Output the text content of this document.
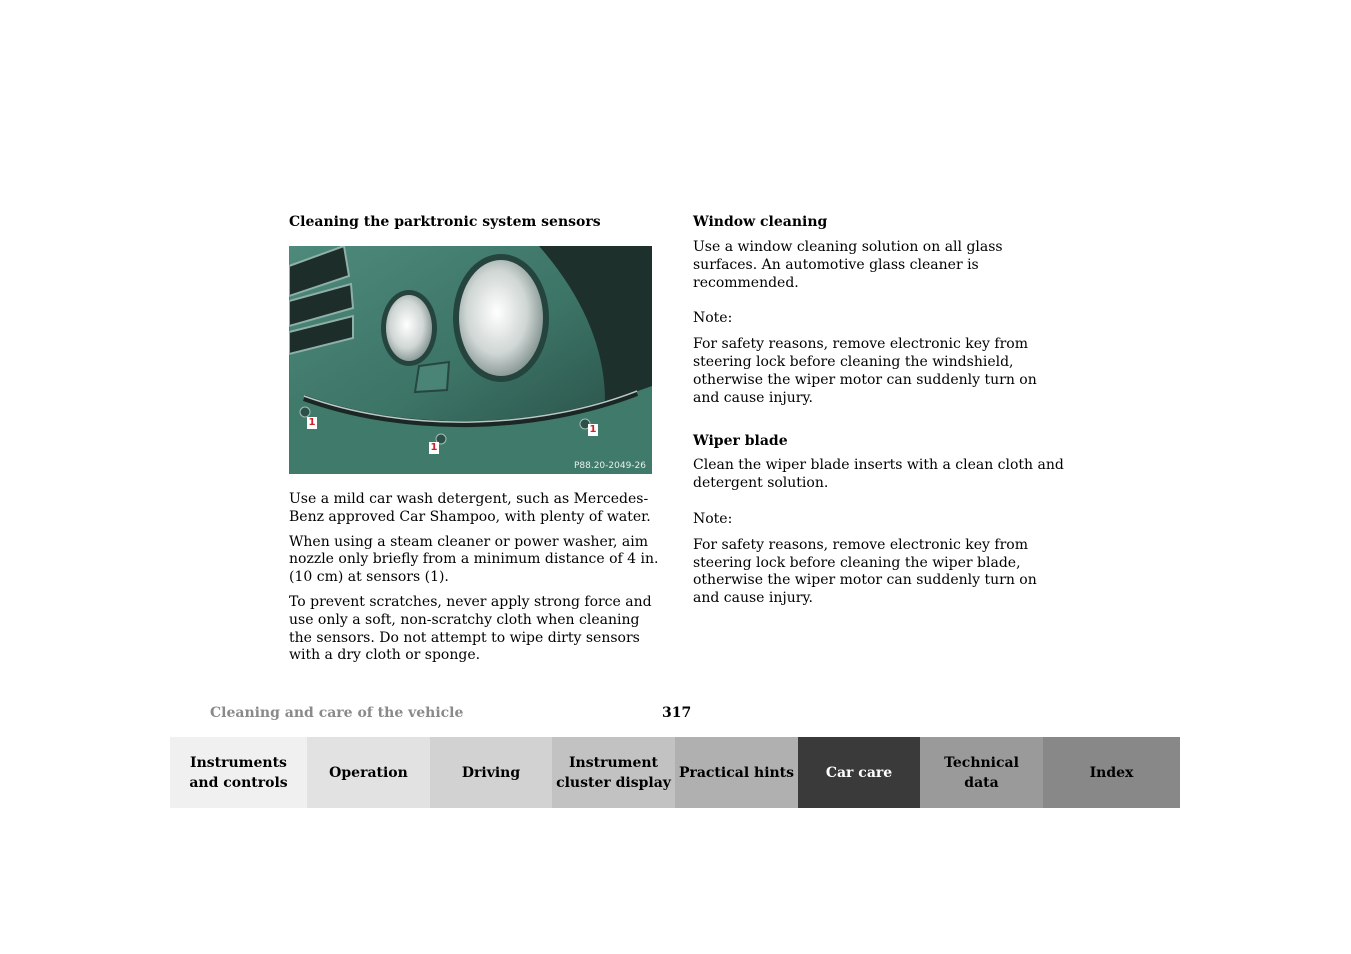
Cleaning the parktronic system sensors
1
1
1
P88.20-2049-26

Use a mild car wash detergent, such as Mercedes-Benz approved Car Shampoo, with plenty of water.

When using a steam cleaner or power washer, aim nozzle only briefly from a minimum distance of 4 in. (10 cm) at sensors (1).

To prevent scratches, never apply strong force and use only a soft, non-scratchy cloth when cleaning the sensors. Do not attempt to wipe dirty sensors with a dry cloth or sponge.

Window cleaning

Use a window cleaning solution on all glass surfaces. An automotive glass cleaner is recommended.

Note:

For safety reasons, remove electronic key from steering lock before cleaning the windshield, otherwise the wiper motor can suddenly turn on and cause injury.

Wiper blade

Clean the wiper blade inserts with a clean cloth and detergent solution.

Note:

For safety reasons, remove electronic key from steering lock before cleaning the wiper blade, otherwise the wiper motor can suddenly turn on and cause injury.

Cleaning and care of the vehicle	317
Instruments
and controls
Operation	Driving
Instrument
cluster display
Practical hints Car care
Technical
data
Index
